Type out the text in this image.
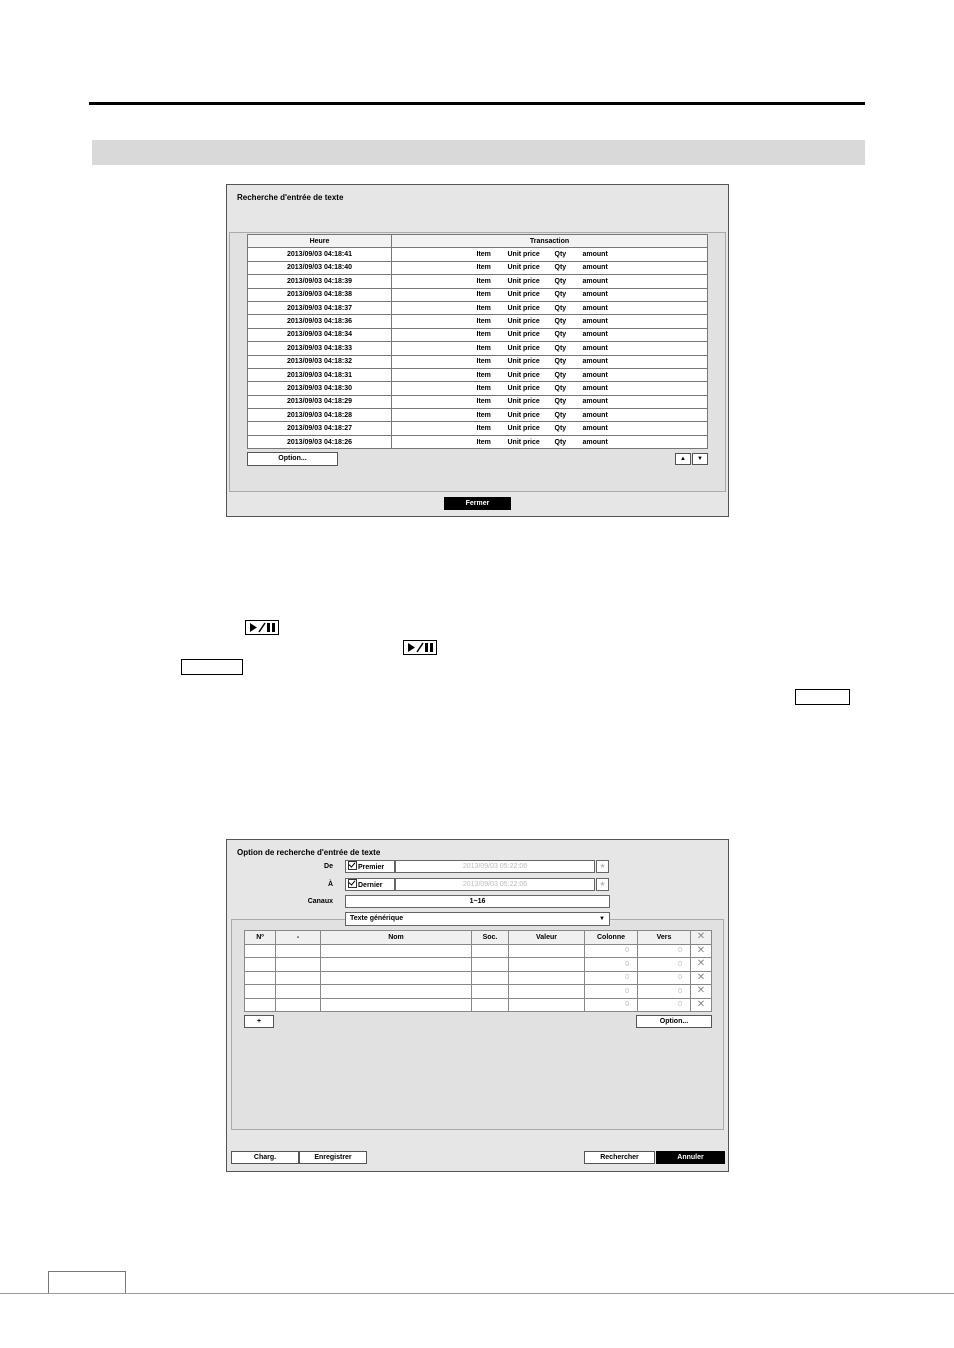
Recherche d'entrée de texte
Heure	Transaction
2013/09/03 04:18:41	Item Unit price Qty amount

2013/09/03 04:18:40	Item Unit price Qty amount

2013/09/03 04:18:39	Item Unit price Qty amount

2013/09/03 04:18:38	Item Unit price Qty amount

2013/09/03 04:18:37	Item Unit price Qty amount

2013/09/03 04:18:36	Item Unit price Qty amount

2013/09/03 04:18:34	Item Unit price Qty amount

2013/09/03 04:18:33	Item Unit price Qty amount

2013/09/03 04:18:32	Item Unit price Qty amount

2013/09/03 04:18:31	Item Unit price Qty amount

2013/09/03 04:18:30	Item Unit price Qty amount

2013/09/03 04:18:29	Item Unit price Qty amount

2013/09/03 04:18:28	Item Unit price Qty amount

2013/09/03 04:18:27	Item Unit price Qty amount

2013/09/03 04:18:26	Item Unit price Qty amount
Option...	▲	▼
Fermer
Option de recherche d'entrée de texte
De	Premier	2013/09/03 05:22:06	★
À	Dernier	2013/09/03 05:22:06	★
Canaux	1~16
Texte générique	▼
Nº	-	Nom	Soc.	Valeur	Colonne	Vers	✕
					0	0	✕
					0	0	✕
					0	0	✕
					0	0	✕
					0	0	✕
+	Option...
Charg.	Enregistrer	Rechercher	Annuler
